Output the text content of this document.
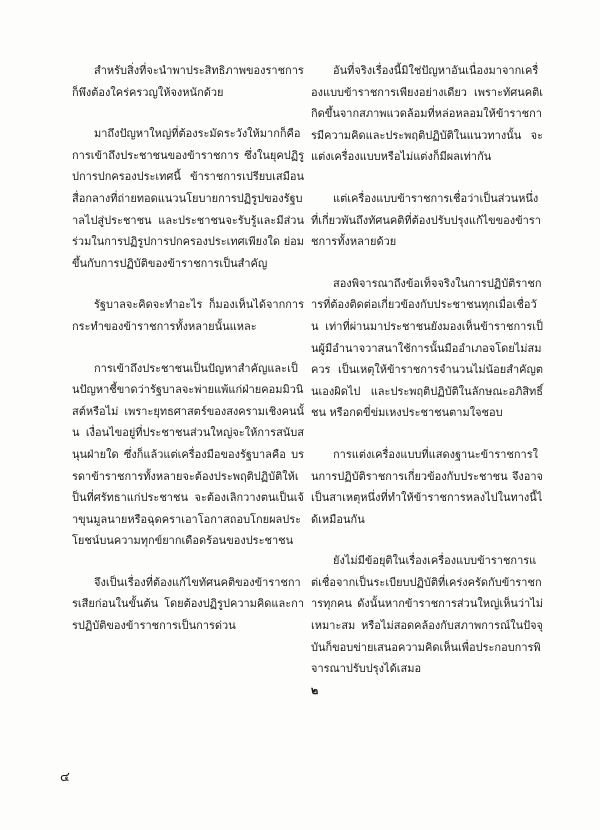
สำหรับสิ่งที่จะนำพาประสิทธิภาพของราชการก็พึงต้องใคร่ครวญให้จงหนักด้วย

มาถึงปัญหาใหญ่ที่ต้องระมัดระวังให้มากก็คือการเข้าถึงประชาชนของข้าราชการ ซึ่งในยุคปฏิรูปการปกครองประเทศนี้ ข้าราชการเปรียบเสมือนสื่อกลางที่ถ่ายทอดแนวนโยบายการปฏิรูปของรัฐบาลไปสู่ประชาชน และประชาชนจะรับรู้และมีส่วนร่วมในการปฏิรูปการปกครองประเทศเพียงใด ย่อมขึ้นกับการปฏิบัติของข้าราชการเป็นสำคัญ

รัฐบาลจะคิดจะทำอะไร ก็มองเห็นได้จากการกระทำของข้าราชการทั้งหลายนั้นแหละ

การเข้าถึงประชาชนเป็นปัญหาสำคัญและเป็นปัญหาชี้ขาดว่ารัฐบาลจะพ่ายแพ้แก่ฝ่ายคอมมิวนิสต์หรือไม่ เพราะยุทธศาสตร์ของสงครามเชิงคนนั้น เงื่อนไขอยู่ที่ประชาชนส่วนใหญ่จะให้การสนับสนุนฝ่ายใด ซึ่งก็แล้วแต่เครื่องมือของรัฐบาลคือ บรรดาข้าราชการทั้งหลายจะต้องประพฤติปฏิบัติให้เป็นที่ศรัทธาแก่ประชาชน จะต้องเลิกวางตนเป็นเจ้าขุนมูลนายหรือฉุดคราเอาโอกาสถอบโกยผลประโยชน์บนความทุกข์ยากเดือดร้อนของประชาชน

จึงเป็นเรื่องที่ต้องแก้ไขทัศนคติของข้าราชการเสียก่อนในขั้นต้น โดยต้องปฏิรูปความคิดและการปฏิบัติของข้าราชการเป็นการด่วน

อันที่จริงเรื่องนี้มิใช่ปัญหาอันเนื่องมาจากเครื่องแบบข้าราชการเพียงอย่างเดียว เพราะทัศนคติเกิดขึ้นจากสภาพแวดล้อมที่หล่อหลอมให้ข้าราชการมีความคิดและประพฤติปฏิบัติในแนวทางนั้น จะแต่งเครื่องแบบหรือไม่แต่งก็มีผลเท่ากัน

แต่เครื่องแบบข้าราชการเชื่อว่าเป็นส่วนหนึ่งที่เกี่ยวพันถึงทัศนคติที่ต้องปรับปรุงแก้ไขของข้าราชการทั้งหลายด้วย

สองพิจารณาถึงข้อเท็จจริงในการปฏิบัติราชการที่ต้องติดต่อเกี่ยวข้องกับประชาชนทุกเมื่อเชื่อวัน เท่าที่ผ่านมาประชาชนยังมองเห็นข้าราชการเป็นผู้มีอำนาจวาสนาใช้การนั้นมืออำเภอจโดยไม่สมควร เป็นเหตุให้ข้าราชการจำนวนไม่น้อยสำคัญตนเองผิดไป และประพฤติปฏิบัติในลักษณะอภิสิทธิ์ชน หรือกดขี่ข่มเหงประชาชนตามใจชอบ

การแต่งเครื่องแบบที่แสดงฐานะข้าราชการในการปฏิบัติราชการเกี่ยวข้องกับประชาชน จึงอาจเป็นสาเหตุหนึ่งที่ทำให้ข้าราชการหลงไปในทางนี้ได้เหมือนกัน

ยังไม่มีข้อยุติในเรื่องเครื่องแบบข้าราชการแต่เชื่อจากเป็นระเบียบปฏิบัติที่เคร่งครัดกับข้าราชการทุกคน ดังนั้นหากข้าราชการส่วนใหญ่เห็นว่าไม่เหมาะสม หรือไม่สอดคล้องกับสภาพการณ์ในปัจจุบันก็ขอบข่ายเสนอความคิดเห็นเพื่อประกอบการพิจารณาปรับปรุงได้เสมอ

๒
๔
